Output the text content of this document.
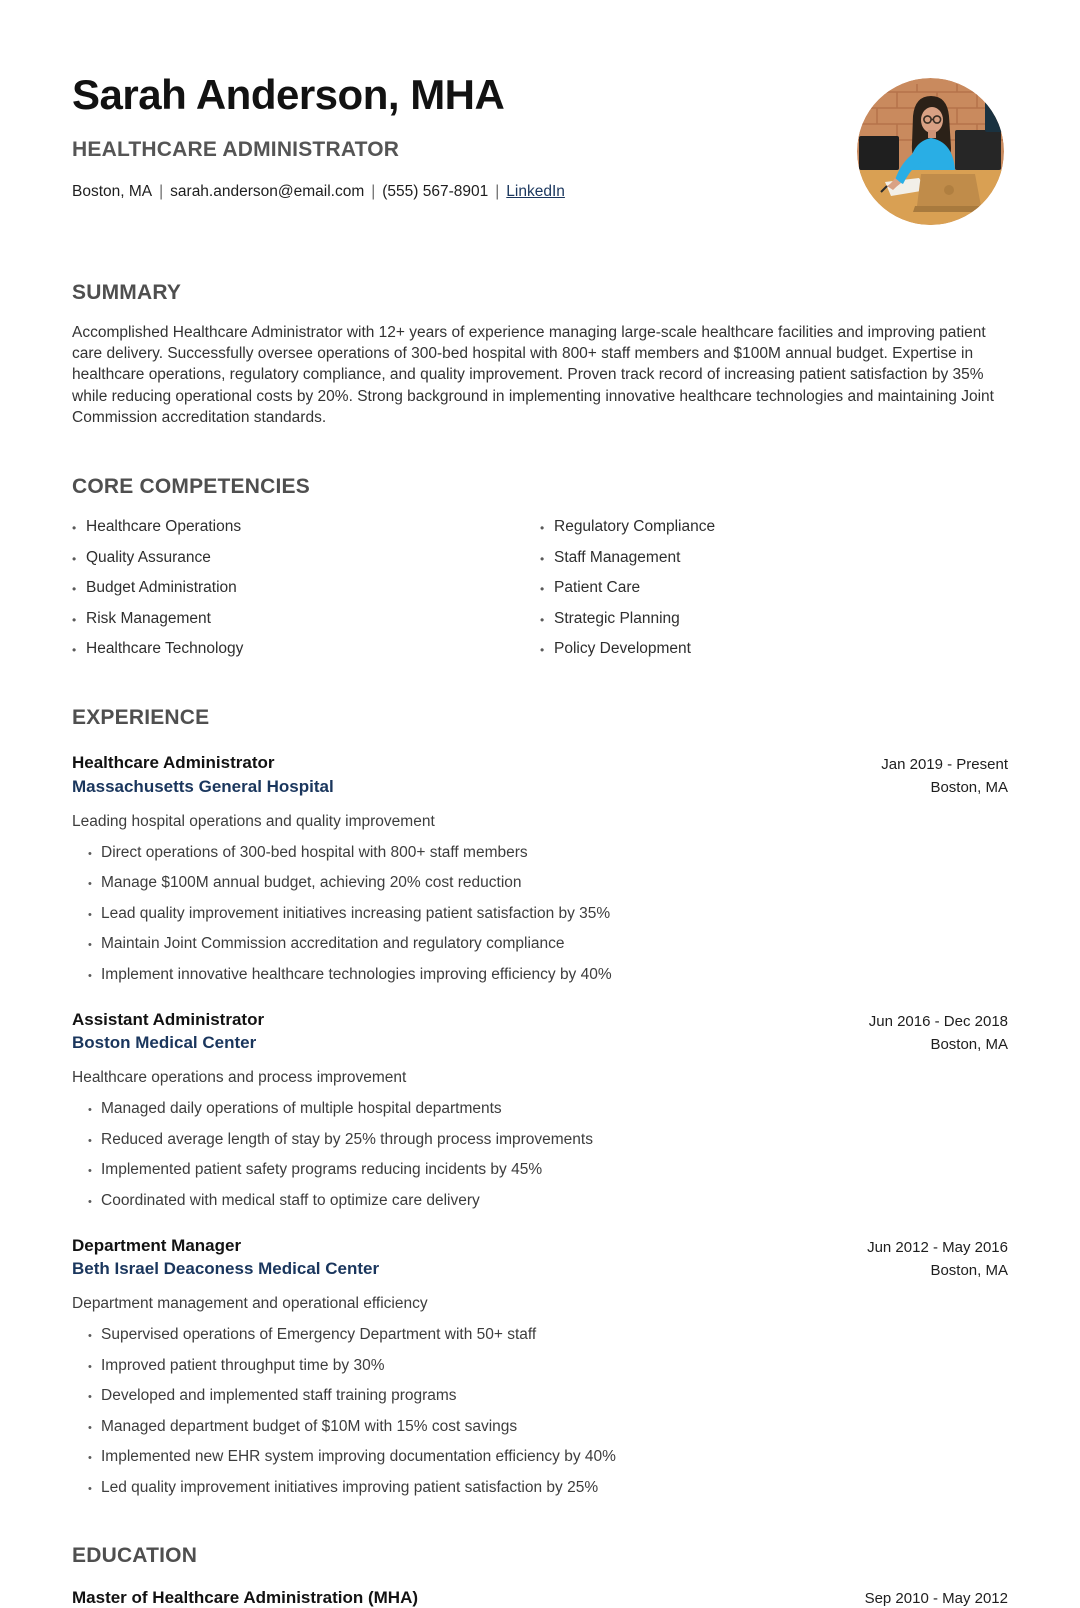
Sarah Anderson, MHA
HEALTHCARE ADMINISTRATOR
Boston, MA | sarah.anderson@email.com | (555) 567-8901 | LinkedIn
SUMMARY

Accomplished Healthcare Administrator with 12+ years of experience managing large-scale healthcare facilities and improving patient care delivery. Successfully oversee operations of 300-bed hospital with 800+ staff members and $100M annual budget. Expertise in healthcare operations, regulatory compliance, and quality improvement. Proven track record of increasing patient satisfaction by 35% while reducing operational costs by 20%. Strong background in implementing innovative healthcare technologies and maintaining Joint Commission accreditation standards.

CORE COMPETENCIES
• Healthcare Operations	• Regulatory Compliance
• Quality Assurance	• Staff Management
• Budget Administration	• Patient Care
• Risk Management	• Strategic Planning
• Healthcare Technology	• Policy Development
EXPERIENCE
Healthcare Administrator
Massachusetts General Hospital
Jan 2019 - Present
Boston, MA
Leading hospital operations and quality improvement
• Direct operations of 300-bed hospital with 800+ staff members
• Manage $100M annual budget, achieving 20% cost reduction
• Lead quality improvement initiatives increasing patient satisfaction by 35%
• Maintain Joint Commission accreditation and regulatory compliance
• Implement innovative healthcare technologies improving efficiency by 40%
Assistant Administrator
Boston Medical Center
Jun 2016 - Dec 2018
Boston, MA
Healthcare operations and process improvement
• Managed daily operations of multiple hospital departments
• Reduced average length of stay by 25% through process improvements
• Implemented patient safety programs reducing incidents by 45%
• Coordinated with medical staff to optimize care delivery
Department Manager
Beth Israel Deaconess Medical Center
Jun 2012 - May 2016
Boston, MA
Department management and operational efficiency
• Supervised operations of Emergency Department with 50+ staff
• Improved patient throughput time by 30%
• Developed and implemented staff training programs
• Managed department budget of $10M with 15% cost savings
• Implemented new EHR system improving documentation efficiency by 40%
• Led quality improvement initiatives improving patient satisfaction by 25%
EDUCATION
Master of Healthcare Administration (MHA)	Sep 2010 - May 2012
